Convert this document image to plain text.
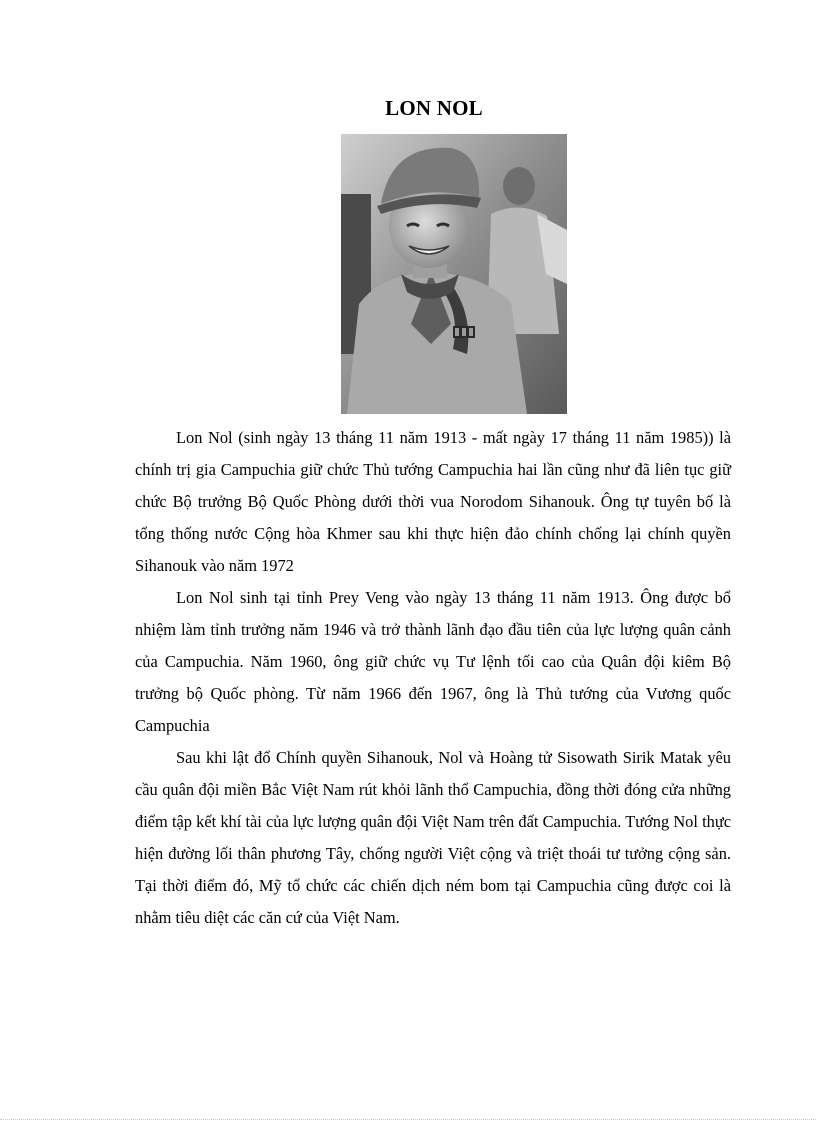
LON NOL

Lon Nol (sinh ngày 13 tháng 11 năm 1913 - mất ngày 17 tháng 11 năm 1985)) là chính trị gia Campuchia giữ chức Thủ tướng Campuchia hai lần cũng như đã liên tục giữ chức Bộ trưởng Bộ Quốc Phòng dưới thời vua Norodom Sihanouk. Ông tự tuyên bố là tổng thống nước Cộng hòa Khmer sau khi thực hiện đảo chính chống lại chính quyền Sihanouk vào năm 1972

Lon Nol sinh tại tỉnh Prey Veng vào ngày 13 tháng 11 năm 1913. Ông được bổ nhiệm làm tỉnh trưởng năm 1946 và trở thành lãnh đạo đầu tiên của lực lượng quân cảnh của Campuchia. Năm 1960, ông giữ chức vụ Tư lệnh tối cao của Quân đội kiêm Bộ trưởng bộ Quốc phòng. Từ năm 1966 đến 1967, ông là Thủ tướng của Vương quốc Campuchia

Sau khi lật đổ Chính quyền Sihanouk, Nol và Hoàng tử Sisowath Sirik Matak yêu cầu quân đội miền Bắc Việt Nam rút khỏi lãnh thổ Campuchia, đồng thời đóng cửa những điểm tập kết khí tài của lực lượng quân đội Việt Nam trên đất Campuchia. Tướng Nol thực hiện đường lối thân phương Tây, chống người Việt cộng và triệt thoái tư tưởng cộng sản. Tại thời điểm đó, Mỹ tổ chức các chiến dịch ném bom tại Campuchia cũng được coi là nhằm tiêu diệt các căn cứ của Việt Nam.
